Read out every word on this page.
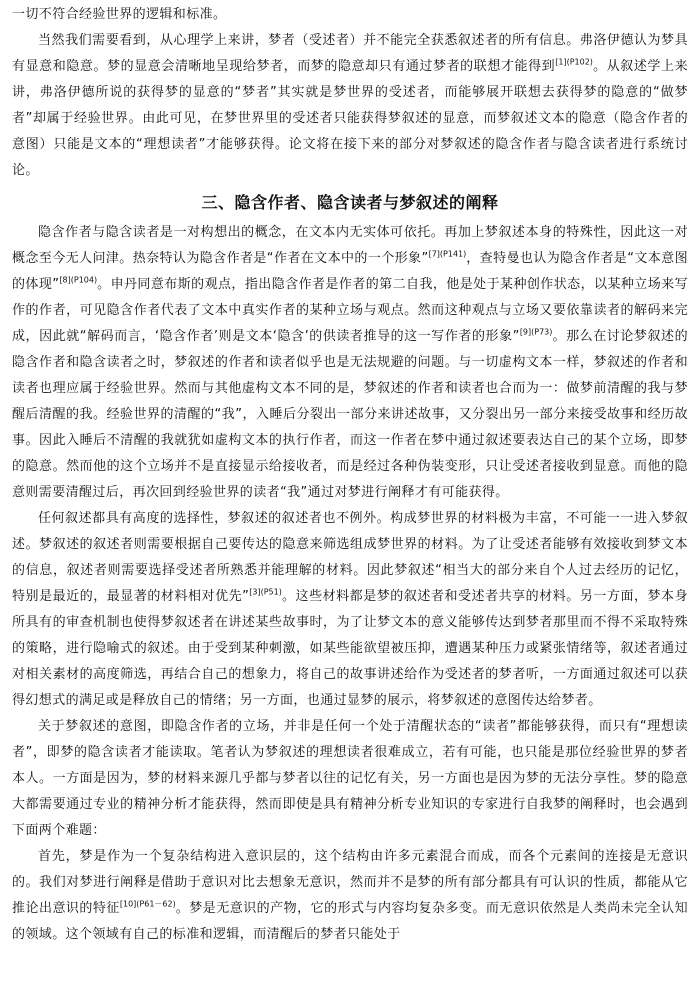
一切不符合经验世界的逻辑和标准。

当然我们需要看到，从心理学上来讲，梦者（受述者）并不能完全获悉叙述者的所有信息。弗洛伊德认为梦具有显意和隐意。梦的显意会清晰地呈现给梦者，而梦的隐意却只有通过梦者的联想才能得到$^{[1](P102)}$。从叙述学上来讲，弗洛伊德所说的获得梦的显意的“梦者”其实就是梦世界的受述者，而能够展开联想去获得梦的隐意的“做梦者”却属于经验世界。由此可见，在梦世界里的受述者只能获得梦叙述的显意，而梦叙述文本的隐意（隐含作者的意图）只能是文本的“理想读者”才能够获得。论文将在接下来的部分对梦叙述的隐含作者与隐含读者进行系统讨论。

三、隐含作者、隐含读者与梦叙述的阐释

隐含作者与隐含读者是一对构想出的概念，在文本内无实体可依托。再加上梦叙述本身的特殊性，因此这一对概念至今无人问津。热奈特认为隐含作者是“作者在文本中的一个形象”$^{[7](P141)}$，查特曼也认为隐含作者是“文本意图的体现”$^{[8](P104)}$。申丹同意布斯的观点，指出隐含作者是作者的第二自我，他是处于某种创作状态，以某种立场来写作的作者，可见隐含作者代表了文本中真实作者的某种立场与观点。然而这种观点与立场又要依靠读者的解码来完成，因此就“解码而言，‘隐含作者’则是文本‘隐含’的供读者推导的这一写作者的形象”$^{[9](P73)}$。那么在讨论梦叙述的隐含作者和隐含读者之时，梦叙述的作者和读者似乎也是无法规避的问题。与一切虚构文本一样，梦叙述的作者和读者也理应属于经验世界。然而与其他虚构文本不同的是，梦叙述的作者和读者也合而为一：做梦前清醒的我与梦醒后清醒的我。经验世界的清醒的“我”，入睡后分裂出一部分来讲述故事，又分裂出另一部分来接受故事和经历故事。因此入睡后不清醒的我就犹如虚构文本的执行作者，而这一作者在梦中通过叙述要表达自己的某个立场，即梦的隐意。然而他的这个立场并不是直接显示给接收者，而是经过各种伪装变形，只让受述者接收到显意。而他的隐意则需要清醒过后，再次回到经验世界的读者“我”通过对梦进行阐释才有可能获得。

任何叙述都具有高度的选择性，梦叙述的叙述者也不例外。构成梦世界的材料极为丰富，不可能一一进入梦叙述。梦叙述的叙述者则需要根据自己要传达的隐意来筛选组成梦世界的材料。为了让受述者能够有效接收到梦文本的信息，叙述者则需要选择受述者所熟悉并能理解的材料。因此梦叙述“相当大的部分来自个人过去经历的记忆，特别是最近的，最显著的材料相对优先”$^{[3](P51)}$。这些材料都是梦的叙述者和受述者共享的材料。另一方面，梦本身所具有的审查机制也使得梦叙述者在讲述某些故事时，为了让梦文本的意义能够传达到梦者那里而不得不采取特殊的策略，进行隐喻式的叙述。由于受到某种刺激，如某些能欲望被压抑，遭遇某种压力或紧张情绪等，叙述者通过对相关素材的高度筛选，再结合自己的想象力，将自己的故事讲述给作为受述者的梦者听，一方面通过叙述可以获得幻想式的满足或是释放自己的情绪；另一方面，也通过显梦的展示，将梦叙述的意图传达给梦者。

关于梦叙述的意图，即隐含作者的立场，并非是任何一个处于清醒状态的“读者”都能够获得，而只有“理想读者”，即梦的隐含读者才能读取。笔者认为梦叙述的理想读者很难成立，若有可能，也只能是那位经验世界的梦者本人。一方面是因为，梦的材料来源几乎都与梦者以往的记忆有关，另一方面也是因为梦的无法分享性。梦的隐意大都需要通过专业的精神分析才能获得，然而即使是具有精神分析专业知识的专家进行自我梦的阐释时，也会遇到下面两个难题：

首先，梦是作为一个复杂结构进入意识层的，这个结构由许多元素混合而成，而各个元素间的连接是无意识的。我们对梦进行阐释是借助于意识对比去想象无意识，然而并不是梦的所有部分都具有可认识的性质，都能从它推论出意识的特征$^{[10](P61-62)}$。梦是无意识的产物，它的形式与内容均复杂多变。而无意识依然是人类尚未完全认知的领域。这个领域有自己的标准和逻辑，而清醒后的梦者只能处于
